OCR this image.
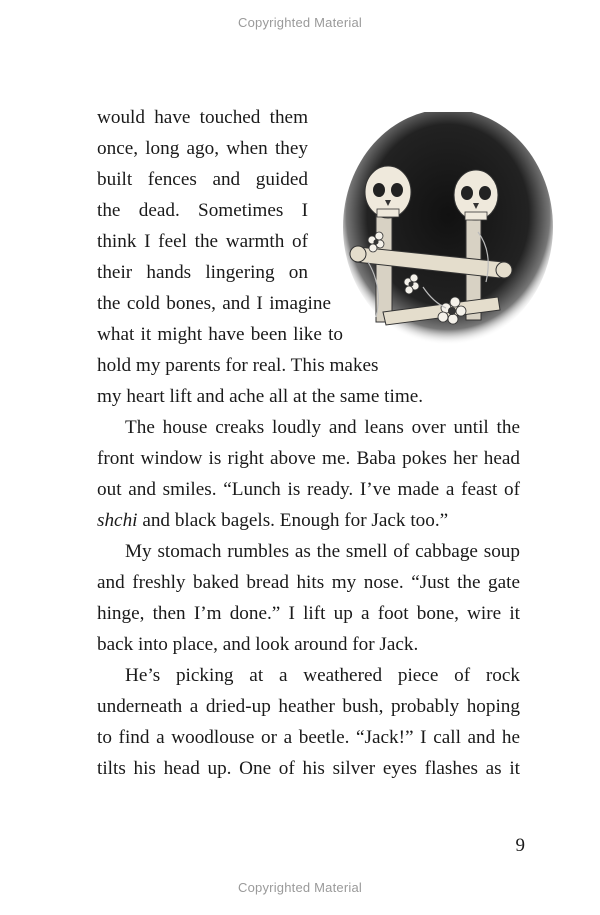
Copyrighted Material
would have touched them
once, long ago, when they
built fences and guided
the dead. Sometimes I
think I feel the warmth of
their hands lingering on
the cold bones, and I imagine
what it might have been like to
hold my parents for real. This makes
my heart lift and ache all at the same time.
The house creaks loudly and leans over until the
front window is right above me. Baba pokes her head
out and smiles. “Lunch is ready. I’ve made a feast of
shchi and black bagels. Enough for Jack too.”
My stomach rumbles as the smell of cabbage soup
and freshly baked bread hits my nose. “Just the gate
hinge, then I’m done.” I lift up a foot bone, wire it
back into place, and look around for Jack.
He’s picking at a weathered piece of rock
underneath a dried-up heather bush, probably hoping
to find a woodlouse or a beetle. “Jack!” I call and he
tilts his head up. One of his silver eyes flashes as it
9
Copyrighted Material
